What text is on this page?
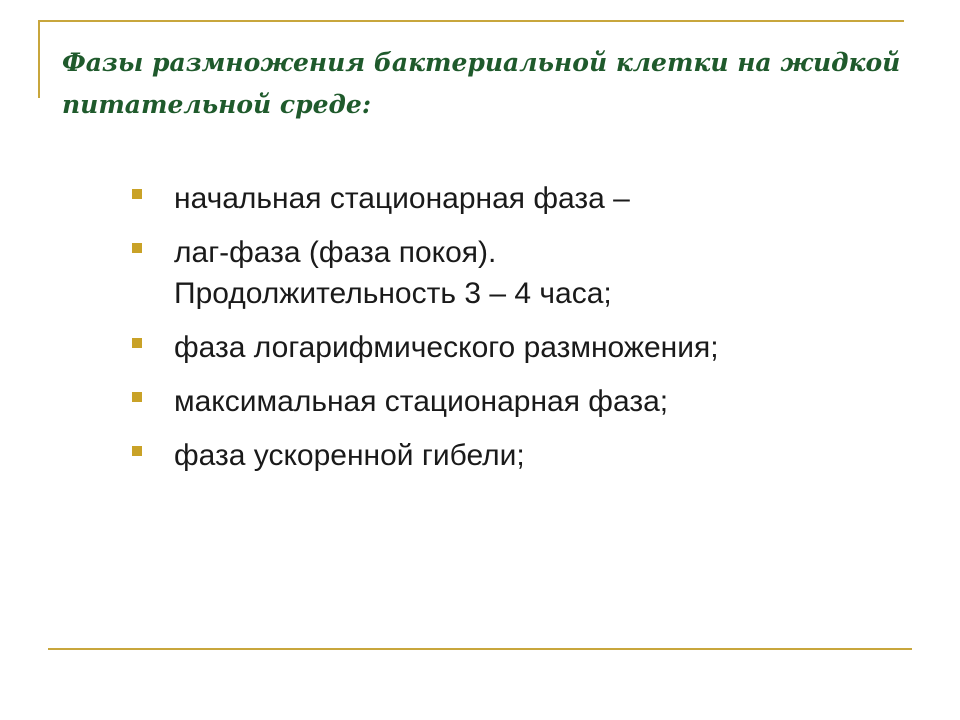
Фазы размножения бактериальной клетки на жидкой питательной среде:
начальная стационарная фаза –
лаг-фаза (фаза покоя).
Продолжительность 3 – 4 часа;
фаза логарифмического размножения;
максимальная стационарная фаза;
фаза ускоренной гибели;
